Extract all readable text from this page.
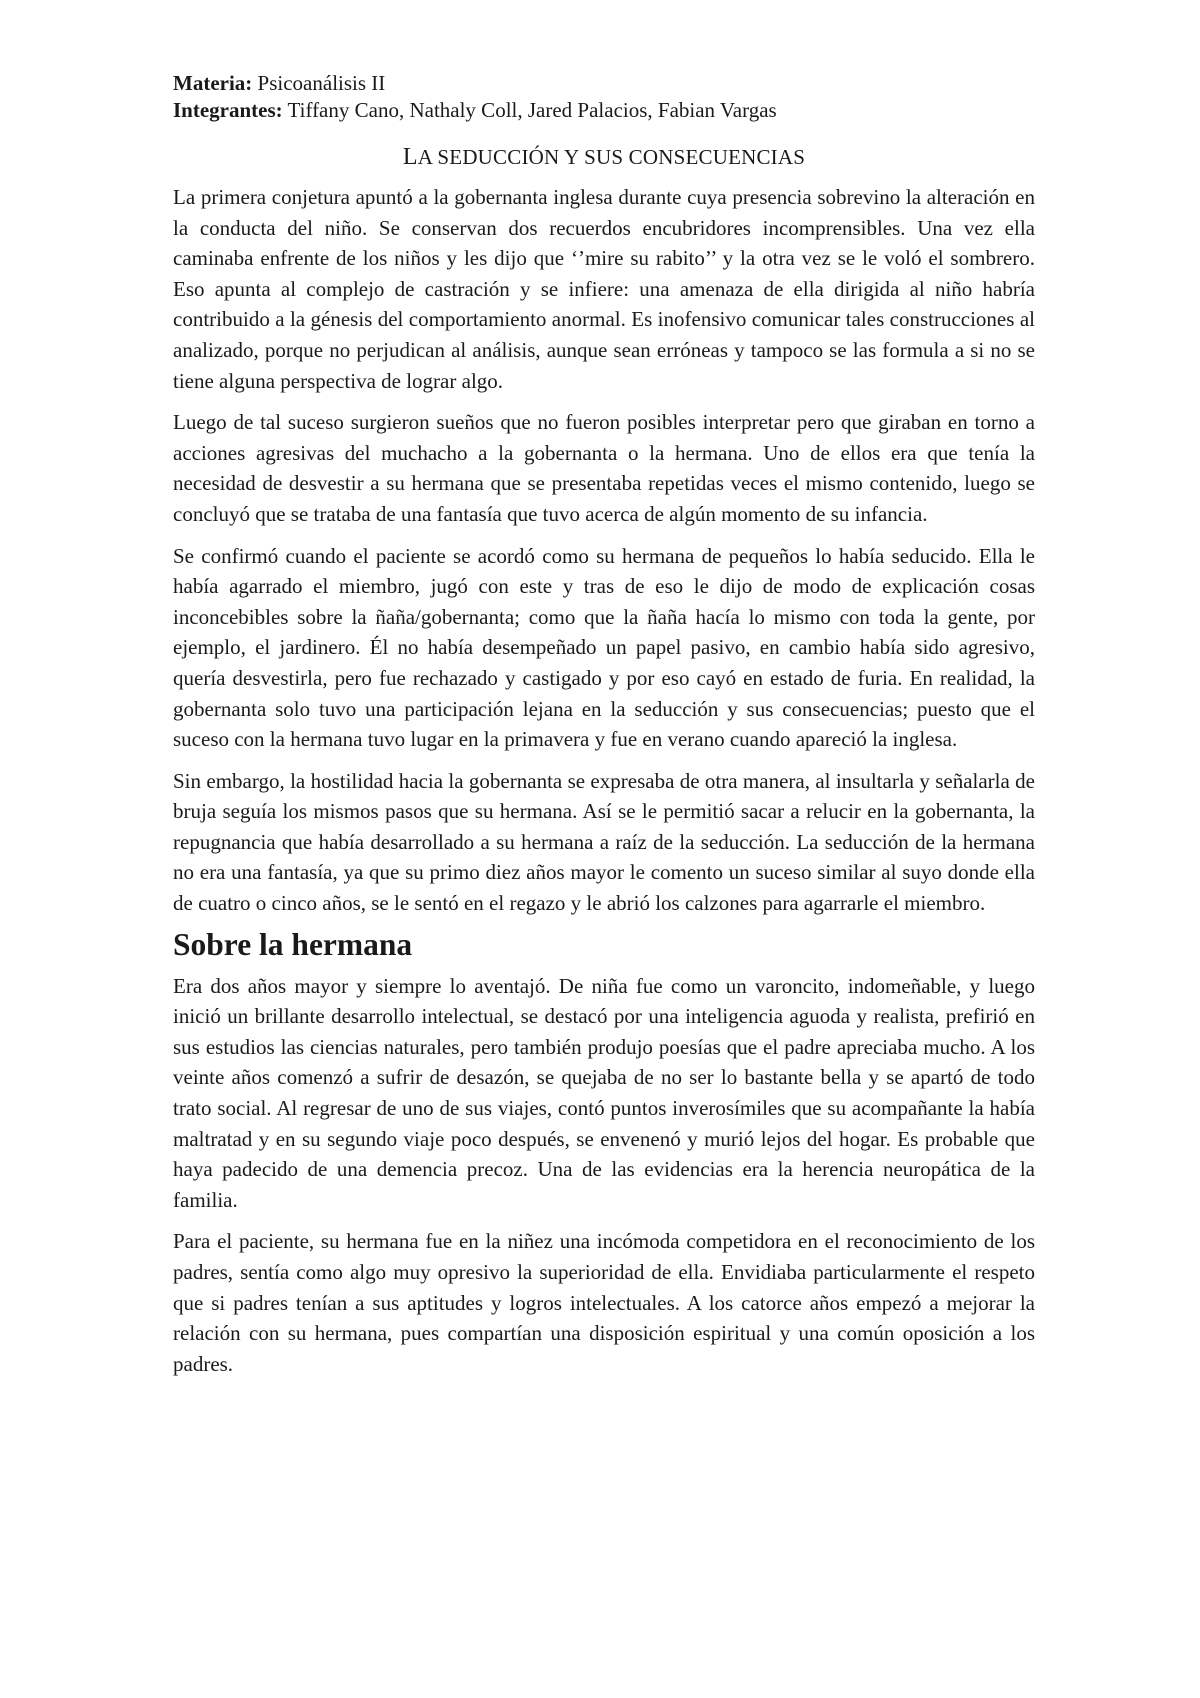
Materia: Psicoanálisis II

Integrantes: Tiffany Cano, Nathaly Coll, Jared Palacios, Fabian Vargas

LA SEDUCCIÓN Y SUS CONSECUENCIAS

La primera conjetura apuntó a la gobernanta inglesa durante cuya presencia sobrevino la alteración en la conducta del niño. Se conservan dos recuerdos encubridores incomprensibles. Una vez ella caminaba enfrente de los niños y les dijo que ‘’mire su rabito’’ y la otra vez se le voló el sombrero. Eso apunta al complejo de castración y se infiere: una amenaza de ella dirigida al niño habría contribuido a la génesis del comportamiento anormal. Es inofensivo comunicar tales construcciones al analizado, porque no perjudican al análisis, aunque sean erróneas y tampoco se las formula a si no se tiene alguna perspectiva de lograr algo.

Luego de tal suceso surgieron sueños que no fueron posibles interpretar pero que giraban en torno a acciones agresivas del muchacho a la gobernanta o la hermana. Uno de ellos era que tenía la necesidad de desvestir a su hermana que se presentaba repetidas veces el mismo contenido, luego se concluyó que se trataba de una fantasía que tuvo acerca de algún momento de su infancia.

Se confirmó cuando el paciente se acordó como su hermana de pequeños lo había seducido. Ella le había agarrado el miembro, jugó con este y tras de eso le dijo de modo de explicación cosas inconcebibles sobre la ñaña/gobernanta; como que la ñaña hacía lo mismo con toda la gente, por ejemplo, el jardinero. Él no había desempeñado un papel pasivo, en cambio había sido agresivo, quería desvestirla, pero fue rechazado y castigado y por eso cayó en estado de furia. En realidad, la gobernanta solo tuvo una participación lejana en la seducción y sus consecuencias; puesto que el suceso con la hermana tuvo lugar en la primavera y fue en verano cuando apareció la inglesa.

Sin embargo, la hostilidad hacia la gobernanta se expresaba de otra manera, al insultarla y señalarla de bruja seguía los mismos pasos que su hermana. Así se le permitió sacar a relucir en la gobernanta, la repugnancia que había desarrollado a su hermana a raíz de la seducción. La seducción de la hermana no era una fantasía, ya que su primo diez años mayor le comento un suceso similar al suyo donde ella de cuatro o cinco años, se le sentó en el regazo y le abrió los calzones para agarrarle el miembro.

Sobre la hermana

Era dos años mayor y siempre lo aventajó. De niña fue como un varoncito, indomeñable, y luego inició un brillante desarrollo intelectual, se destacó por una inteligencia aguoda y realista, prefirió en sus estudios las ciencias naturales, pero también produjo poesías que el padre apreciaba mucho. A los veinte años comenzó a sufrir de desazón, se quejaba de no ser lo bastante bella y se apartó de todo trato social. Al regresar de uno de sus viajes, contó puntos inverosímiles que su acompañante la había maltratad y en su segundo viaje poco después, se envenenó y murió lejos del hogar. Es probable que haya padecido de una demencia precoz. Una de las evidencias era la herencia neuropática de la familia.

Para el paciente, su hermana fue en la niñez una incómoda competidora en el reconocimiento de los padres, sentía como algo muy opresivo la superioridad de ella. Envidiaba particularmente el respeto que si padres tenían a sus aptitudes y logros intelectuales. A los catorce años empezó a mejorar la relación con su hermana, pues compartían una disposición espiritual y una común oposición a los padres.
